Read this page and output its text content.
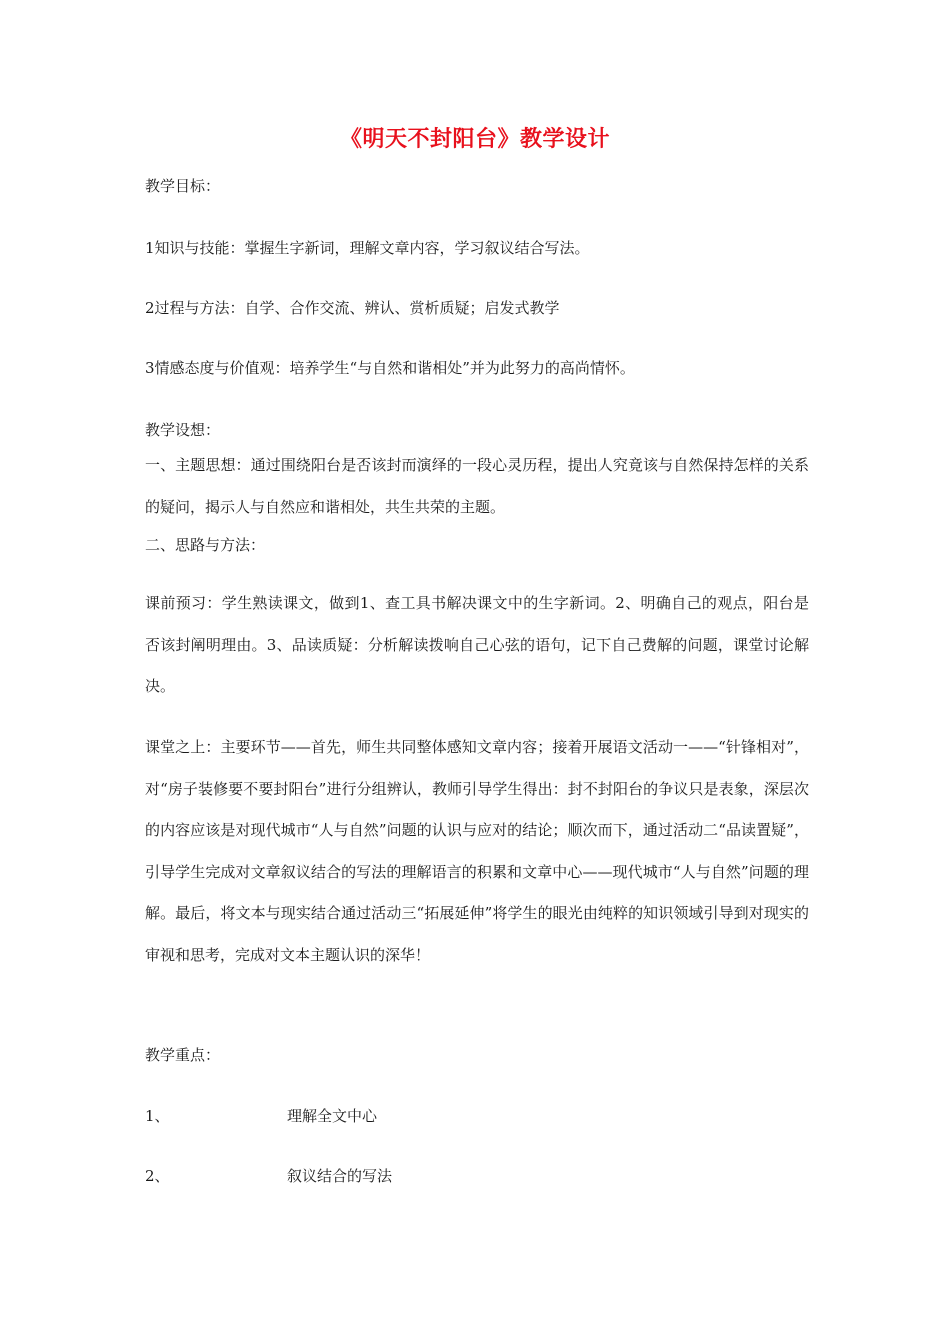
《明天不封阳台》教学设计
教学目标：
1知识与技能：掌握生字新词，理解文章内容，学习叙议结合写法。
2过程与方法：自学、合作交流、辨认、赏析质疑；启发式教学
3情感态度与价值观：培养学生“与自然和谐相处”并为此努力的高尚情怀。
教学设想：
一、主题思想：通过围绕阳台是否该封而演绎的一段心灵历程，提出人究竟该与自然保持怎样的关系的疑问，揭示人与自然应和谐相处，共生共荣的主题。
二、思路与方法：
课前预习：学生熟读课文，做到1、查工具书解决课文中的生字新词。2、明确自己的观点，阳台是否该封阐明理由。3、品读质疑：分析解读拨响自己心弦的语句，记下自己费解的问题，课堂讨论解决。
课堂之上：主要环节——首先，师生共同整体感知文章内容；接着开展语文活动一——“针锋相对”，对“房子装修要不要封阳台”进行分组辨认，教师引导学生得出：封不封阳台的争议只是表象，深层次的内容应该是对现代城市“人与自然”问题的认识与应对的结论；顺次而下，通过活动二“品读置疑”，引导学生完成对文章叙议结合的写法的理解语言的积累和文章中心——现代城市“人与自然”问题的理解。最后，将文本与现实结合通过活动三“拓展延伸”将学生的眼光由纯粹的知识领域引导到对现实的审视和思考，完成对文本主题认识的深华！
教学重点：
1、	理解全文中心
2、	叙议结合的写法
